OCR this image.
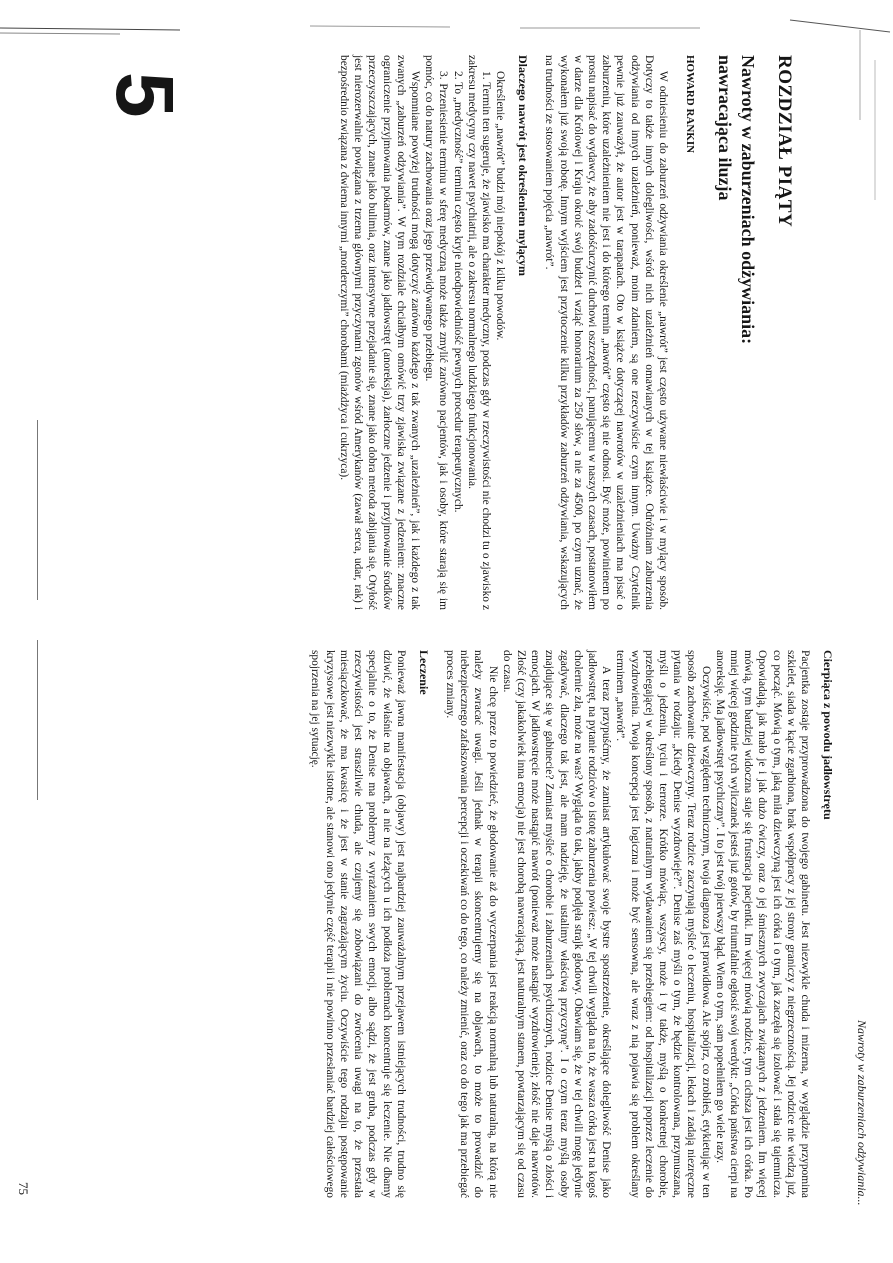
Nawroty w zaburzeniach odżywiania...
75
ROZDZIAŁ PIĄTY
Nawroty w zaburzeniach odżywiania:
nawracająca iluzja
HOWARD RANKIN

W odniesieniu do zaburzeń odżywiania określenie „nawrót” jest często używane niewłaściwie i w mylący sposób. Dotyczy to także innych dolegliwości, wśród nich uzależnień omawianych w tej książce. Odróżniam zaburzenia odżywiania od innych uzależnień, ponieważ, moim zdaniem, są one rzeczywiście czym innym. Uważny Czytelnik pewnie już zauważył, że autor jest w tarapatach. Oto w książce dotyczącej nawrotów w uzależnieniach ma pisać o zaburzeniu, które uzależnieniem nie jest i do którego termin „nawrót” często się nie odnosi. Być może, powinienem po prostu napisać do wydawcy, że aby zadośćuczynić duchowi oszczędności, panującemu w naszych czasach, postanowiłem w darze dla Królowej i Kraju okroić swój budżet i wziąć honorarium za 250 słów, a nie za 4500, po czym uznać, że wykonałem już swoją robotę. Innym wyjściem jest przytoczenie kilku przykładów zaburzeń odżywiania, wskazujących na trudności ze stosowaniem pojęcia „nawrót”.

Dlaczego nawrót jest określeniem mylącym

Określenie „nawrót” budzi mój niepokój z kilku powodów.

1. Termin ten sugeruje, że zjawisko ma charakter medyczny, podczas gdy w rzeczywistości nie chodzi tu o zjawisko z zakresu medycyny czy nawet psychiatrii, ale o zakresu normalnego ludzkiego funkcjonowania.

2. To „medyczność” terminu często kryje nieodpowiedniość pewnych procedur terapeutycznych.

3. Przeniesienie terminu w sferę medyczną może także zmylić zarówno pacjentów, jak i osoby, które starają się im pomóc, co do natury zachowania oraz jego przewidywanego przebiegu.

Wspomniane powyżej trudności mogą dotyczyć zarówno każdego z tak zwanych „uzależnień”, jak i każdego z tak zwanych „zaburzeń odżywiania”. W tym rozdziale chciałbym omówić trzy zjawiska związane z jedzeniem: znaczne ograniczenie przyjmowania pokarmów, znane jako jadłowstręt (anoreksja), żarłoczne jedzenie i przyjmowanie środków przeczyszczających, znane jako bulimia, oraz intensywne przejadanie się, znane jako dobra metoda zabijania się. Otyłość jest nierozerwalnie powiązana z trzema głównymi przyczynami zgonów wśród Amerykanów (zawał serca, udar, rak) i bezpośrednio związana z dwiema innymi „morderczymi” chorobami (miażdżyca i cukrzyca).

5
Cierpiąca z powodu jadłowstrętu

Pacjentka zostaje przyprowadzona do twojego gabinetu. Jest niezwykle chuda i mizerna, w wyglądzie przypomina szkielet, siada w kącie zgarbiona, brak współpracy z jej strony graniczy z niegrzecznością. Jej rodzice nie wiedzą już, co począć. Mówią o tym, jaką miła dziewczyną jest ich córka i o tym, jak zaczęła się izolować i stała się tajemnicza. Opowiadają, jak mało je i jak dużo ćwiczy, oraz o jej śmiesznych zwyczajach związanych z jedzeniem. Im więcej mówią, tym bardziej widoczna staje się frustracja pacjentki. Im więcej mówią rodzice, tym cichsza jest ich córka. Po mniej więcej godzinie tych wyliczanek jesteś już gotów, by triumfalnie ogłosić swój werdykt: „Córka państwa cierpi na anoreksję. Ma jadłowstręt psychiczny”. I to jest twój pierwszy błąd. Wiem o tym, sam popełniłem go wiele razy.

Oczywiście, pod względem technicznym, twoja diagnoza jest prawidłowa. Ale spójrz, co zrobiłeś, etykietując w ten sposób zachowanie dziewczyny. Teraz rodzice zaczynają myśleć o leczeniu, hospitalizacji, lekach i zadają niezręczne pytania w rodzaju: „Kiedy Denise wyzdrowieje?”. Denise zaś myśli o tym, że będzie kontrolowana, przymuszana, myśli o jedzeniu, tyciu i terrorze. Krótko mówiąc, wszyscy, może i ty także, myślą o konkretnej chorobie, przebiegającej w określony sposób, z naturalnym wydawaniem się przebiegiem: od hospitalizacji poprzez leczenie do wyzdrowienia. Twoja koncepcja jest logiczna i może być sensowna, ale wraz z nią pojawia się problem określany terminem „nawrót”.

A teraz przypuśćmy, że zamiast artykułować swoje bystre spostrzeżenie, określające dolegliwość Denise jako jadłowstręt, na pytanie rodziców o istotę zaburzenia powiesz: „W tej chwili wygląda na to, że wasza córka jest na kogoś cholernie zła, może na was? Wygląda to tak, jakby podjęła strajk głodowy. Obawiam się, że w tej chwili mogę jedynie zgadywać, dlaczego tak jest, ale mam nadzieję, że ustalimy właściwą przyczynę”. I o czym teraz myślą osoby znajdujące się w gabinecie? Zamiast myśleć o chorobie i zaburzeniach psychicznych, rodzice Denise myślą o złości i emocjach. W jadłowstręcie może nastąpić nawrót (ponieważ może nastąpić wyzdrowienie); złość nie daje nawrotów. Złość (czy jakakolwiek inna emocja) nie jest chorobą nawracającą, jest naturalnym stanem, powtarzającym się od czasu do czasu.

Nie chcę przez to powiedzieć, że głodowanie aż do wyczerpania jest reakcją normalną lub naturalną, na którą nie należy zwracać uwagi. Jeśli jednak w terapii skoncentrujemy się na objawach, to może to prowadzić do niebezpiecznego zafałszowania percepcji i oczekiwań co do tego, co należy zmienić, oraz co do tego jak ma przebiegać proces zmiany.

Leczenie

Ponieważ jawna manifestacja (objawy) jest najbardziej zauważalnym przejawem istniejących trudności, trudno się dziwić, że właśnie na objawach, a nie na leżących u ich podłoża problemach koncentruje się leczenie. Nie dbamy specjalnie o to, że Denise ma problemy z wyrażaniem swych emocji, albo sądzi, że jest gruba, podczas gdy w rzeczywistości jest straszliwie chuda, ale czujemy się zobowiązani do zwrócenia uwagi na to, że przestała miesiączkować, że ma kwasicę i że jest w stanie zagrażającym życiu. Oczywiście tego rodzaju postępowanie kryzysowe jest niezwykle istotne, ale stanowi ono jedynie część terapii i nie powinno przesłaniać bardziej całościowego spojrzenia na jej sytuację.
